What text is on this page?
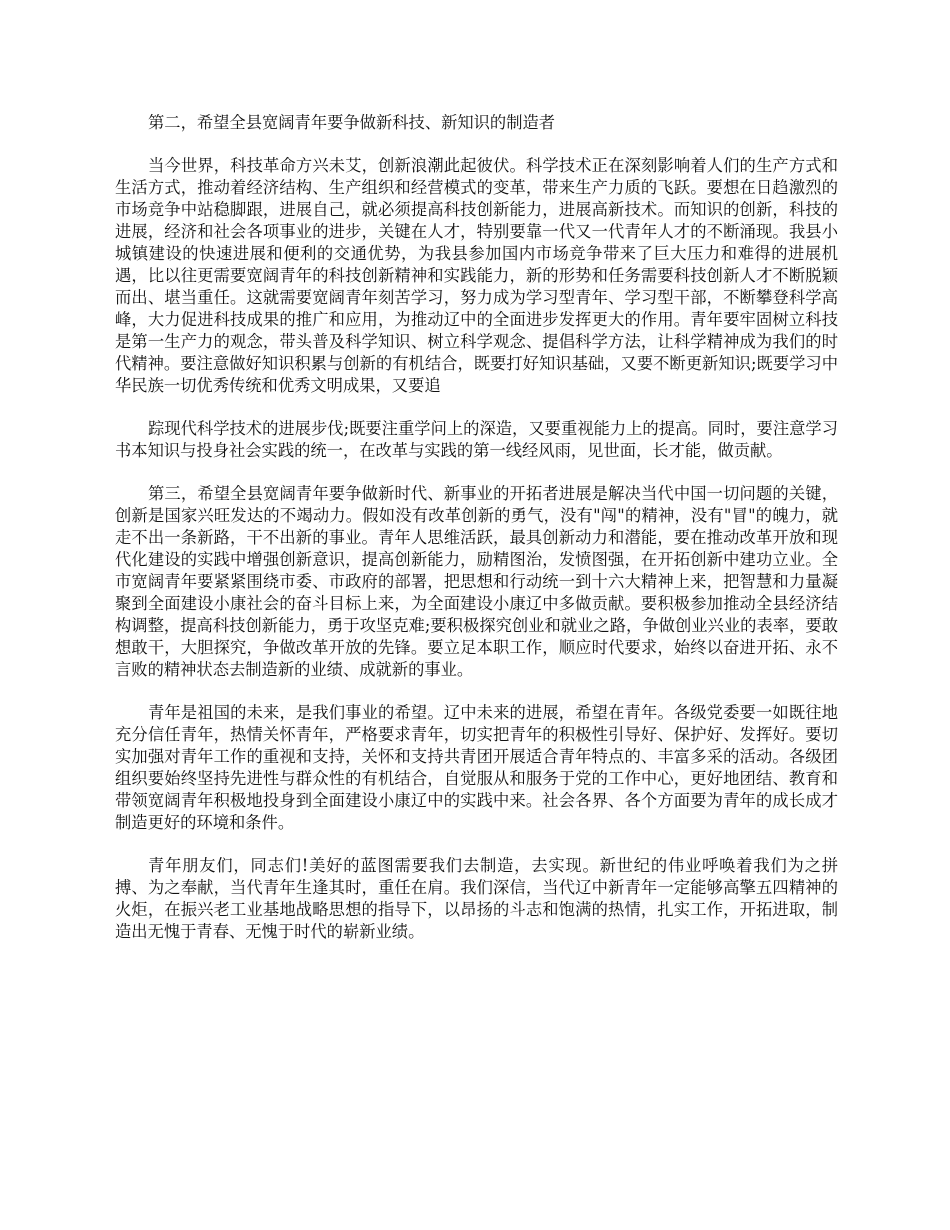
第二，希望全县宽阔青年要争做新科技、新知识的制造者

当今世界，科技革命方兴未艾，创新浪潮此起彼伏。科学技术正在深刻影响着人们的生产方式和生活方式，推动着经济结构、生产组织和经营模式的变革，带来生产力质的飞跃。要想在日趋激烈的市场竞争中站稳脚跟，进展自己，就必须提高科技创新能力，进展高新技术。而知识的创新，科技的进展，经济和社会各项事业的进步，关键在人才，特别要靠一代又一代青年人才的不断涌现。我县小城镇建设的快速进展和便利的交通优势，为我县参加国内市场竞争带来了巨大压力和难得的进展机遇，比以往更需要宽阔青年的科技创新精神和实践能力，新的形势和任务需要科技创新人才不断脱颖而出、堪当重任。这就需要宽阔青年刻苦学习，努力成为学习型青年、学习型干部，不断攀登科学高峰，大力促进科技成果的推广和应用，为推动辽中的全面进步发挥更大的作用。青年要牢固树立科技是第一生产力的观念，带头普及科学知识、树立科学观念、提倡科学方法，让科学精神成为我们的时代精神。要注意做好知识积累与创新的有机结合，既要打好知识基础，又要不断更新知识;既要学习中华民族一切优秀传统和优秀文明成果，又要追

踪现代科学技术的进展步伐;既要注重学问上的深造，又要重视能力上的提高。同时，要注意学习书本知识与投身社会实践的统一，在改革与实践的第一线经风雨，见世面，长才能，做贡献。

第三，希望全县宽阔青年要争做新时代、新事业的开拓者进展是解决当代中国一切问题的关键，创新是国家兴旺发达的不竭动力。假如没有改革创新的勇气，没有"闯"的精神，没有"冒"的魄力，就走不出一条新路，干不出新的事业。青年人思维活跃，最具创新动力和潜能，要在推动改革开放和现代化建设的实践中增强创新意识，提高创新能力，励精图治，发愤图强，在开拓创新中建功立业。全市宽阔青年要紧紧围绕市委、市政府的部署，把思想和行动统一到十六大精神上来，把智慧和力量凝聚到全面建设小康社会的奋斗目标上来，为全面建设小康辽中多做贡献。要积极参加推动全县经济结构调整，提高科技创新能力，勇于攻坚克难;要积极探究创业和就业之路，争做创业兴业的表率，要敢想敢干，大胆探究，争做改革开放的先锋。要立足本职工作，顺应时代要求，始终以奋进开拓、永不言败的精神状态去制造新的业绩、成就新的事业。

青年是祖国的未来，是我们事业的希望。辽中未来的进展，希望在青年。各级党委要一如既往地充分信任青年，热情关怀青年，严格要求青年，切实把青年的积极性引导好、保护好、发挥好。要切实加强对青年工作的重视和支持，关怀和支持共青团开展适合青年特点的、丰富多采的活动。各级团组织要始终坚持先进性与群众性的有机结合，自觉服从和服务于党的工作中心，更好地团结、教育和带领宽阔青年积极地投身到全面建设小康辽中的实践中来。社会各界、各个方面要为青年的成长成才制造更好的环境和条件。

青年朋友们，同志们!美好的蓝图需要我们去制造，去实现。新世纪的伟业呼唤着我们为之拼搏、为之奉献，当代青年生逢其时，重任在肩。我们深信，当代辽中新青年一定能够高擎五四精神的火炬，在振兴老工业基地战略思想的指导下，以昂扬的斗志和饱满的热情，扎实工作，开拓进取，制造出无愧于青春、无愧于时代的崭新业绩。
